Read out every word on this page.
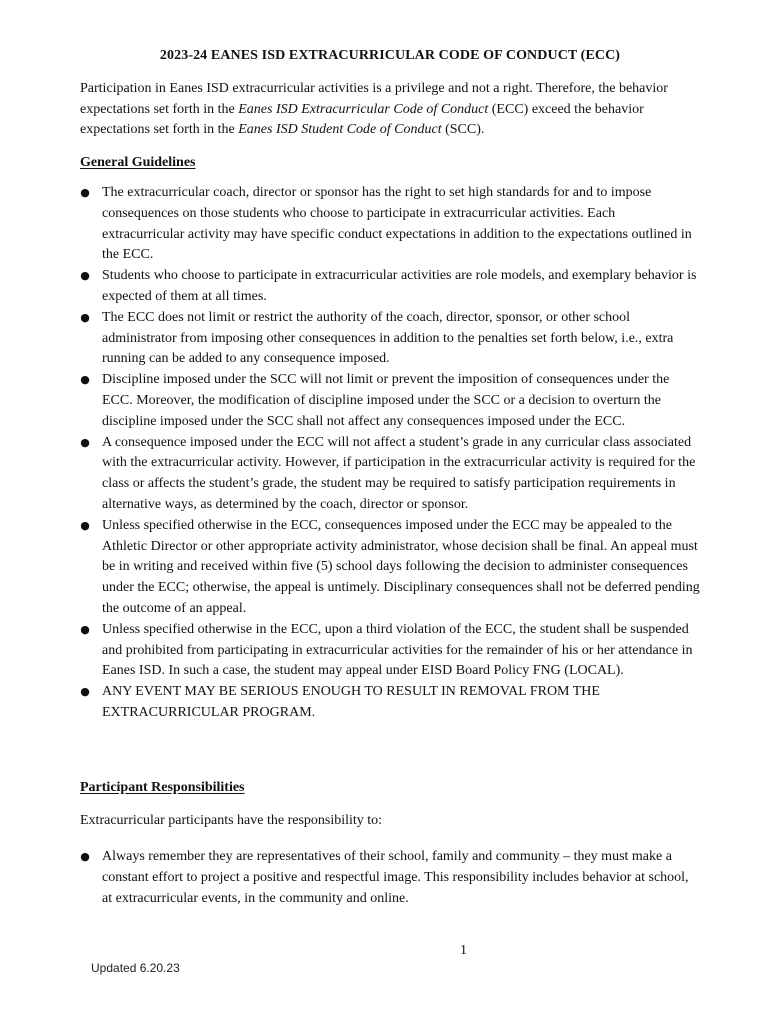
2023-24 EANES ISD EXTRACURRICULAR CODE OF CONDUCT (ECC)

Participation in Eanes ISD extracurricular activities is a privilege and not a right. Therefore, the behavior expectations set forth in the Eanes ISD Extracurricular Code of Conduct (ECC) exceed the behavior expectations set forth in the Eanes ISD Student Code of Conduct (SCC).

General Guidelines
● The extracurricular coach, director or sponsor has the right to set high standards for and to impose consequences on those students who choose to participate in extracurricular activities. Each extracurricular activity may have specific conduct expectations in addition to the expectations outlined in the ECC.
● Students who choose to participate in extracurricular activities are role models, and exemplary behavior is expected of them at all times.
● The ECC does not limit or restrict the authority of the coach, director, sponsor, or other school administrator from imposing other consequences in addition to the penalties set forth below, i.e., extra running can be added to any consequence imposed.
● Discipline imposed under the SCC will not limit or prevent the imposition of consequences under the ECC. Moreover, the modification of discipline imposed under the SCC or a decision to overturn the discipline imposed under the SCC shall not affect any consequences imposed under the ECC.
● A consequence imposed under the ECC will not affect a student’s grade in any curricular class associated with the extracurricular activity. However, if participation in the extracurricular activity is required for the class or affects the student’s grade, the student may be required to satisfy participation requirements in alternative ways, as determined by the coach, director or sponsor.
● Unless specified otherwise in the ECC, consequences imposed under the ECC may be appealed to the Athletic Director or other appropriate activity administrator, whose decision shall be final. An appeal must be in writing and received within five (5) school days following the decision to administer consequences under the ECC; otherwise, the appeal is untimely. Disciplinary consequences shall not be deferred pending the outcome of an appeal.
● Unless specified otherwise in the ECC, upon a third violation of the ECC, the student shall be suspended and prohibited from participating in extracurricular activities for the remainder of his or her attendance in Eanes ISD. In such a case, the student may appeal under EISD Board Policy FNG (LOCAL).
● ANY EVENT MAY BE SERIOUS ENOUGH TO RESULT IN REMOVAL FROM THE EXTRACURRICULAR PROGRAM.
Participant Responsibilities
Extracurricular participants have the responsibility to:
● Always remember they are representatives of their school, family and community – they must make a constant effort to project a positive and respectful image. This responsibility includes behavior at school, at extracurricular events, in the community and online.
1
Updated 6.20.23
